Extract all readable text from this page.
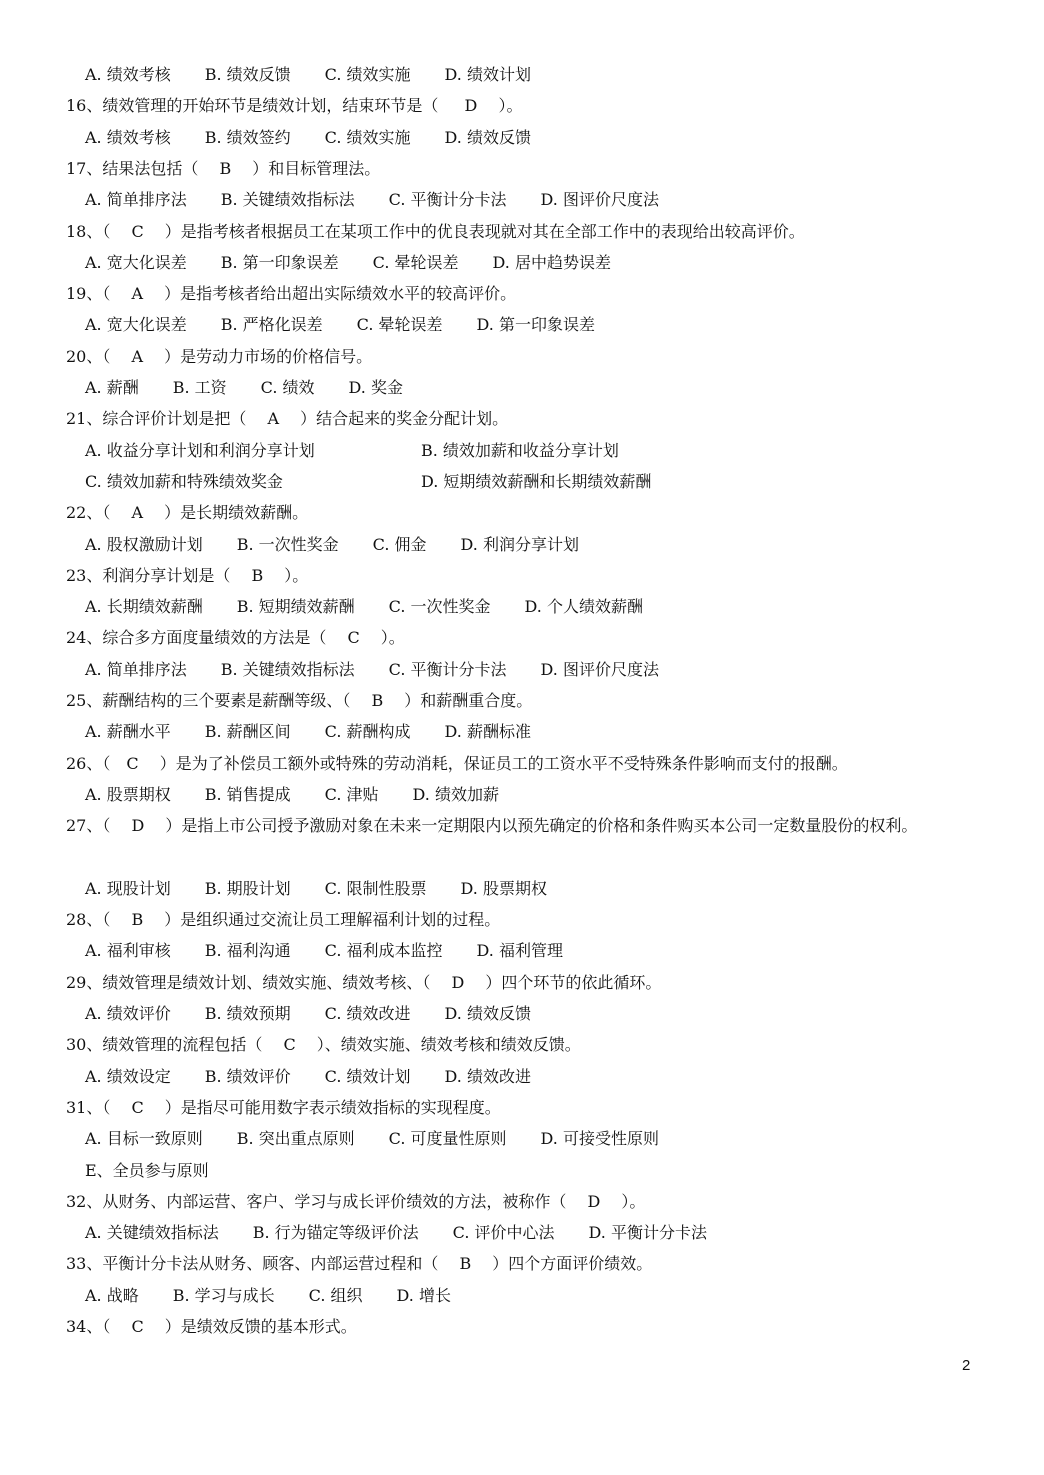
A. 绩效考核 B. 绩效反馈 C. 绩效实施 D. 绩效计划
16、绩效管理的开始环节是绩效计划，结束环节是（　  D　 ）。
A. 绩效考核 B. 绩效签约 C. 绩效实施 D. 绩效反馈
17、结果法包括（　 B　 ）和目标管理法。
A. 简单排序法 B. 关键绩效指标法 C. 平衡计分卡法 D. 图评价尺度法
18、（　 C　 ）是指考核者根据员工在某项工作中的优良表现就对其在全部工作中的表现给出较高评价。
A. 宽大化误差 B. 第一印象误差 C. 晕轮误差 D. 居中趋势误差
19、（　 A　 ）是指考核者给出超出实际绩效水平的较高评价。
A. 宽大化误差 B. 严格化误差 C. 晕轮误差 D. 第一印象误差
20、（　 A　 ）是劳动力市场的价格信号。
A. 薪酬 B. 工资 C. 绩效 D. 奖金
21、综合评价计划是把（　 A　 ）结合起来的奖金分配计划。
A. 收益分享计划和利润分享计划	B. 绩效加薪和收益分享计划
C. 绩效加薪和特殊绩效奖金	D. 短期绩效薪酬和长期绩效薪酬
22、（　 A　 ）是长期绩效薪酬。
A. 股权激励计划 B. 一次性奖金 C. 佣金 D. 利润分享计划
23、利润分享计划是（　 B　 ）。
A. 长期绩效薪酬 B. 短期绩效薪酬 C. 一次性奖金 D. 个人绩效薪酬
24、综合多方面度量绩效的方法是（　 C　 ）。
A. 简单排序法 B. 关键绩效指标法 C. 平衡计分卡法 D. 图评价尺度法
25、薪酬结构的三个要素是薪酬等级、（　 B　 ）和薪酬重合度。
A. 薪酬水平 B. 薪酬区间 C. 薪酬构成 D. 薪酬标准
26、（　C　 ）是为了补偿员工额外或特殊的劳动消耗，保证员工的工资水平不受特殊条件影响而支付的报酬。
A. 股票期权 B. 销售提成 C. 津贴 D. 绩效加薪
27、（　 D　 ）是指上市公司授予激励对象在未来一定期限内以预先确定的价格和条件购买本公司一定数量股份的权利。
A. 现股计划 B. 期股计划 C. 限制性股票 D. 股票期权
28、（　 B　 ）是组织通过交流让员工理解福利计划的过程。
A. 福利审核 B. 福利沟通 C. 福利成本监控 D. 福利管理
29、绩效管理是绩效计划、绩效实施、绩效考核、（　 D　 ）四个环节的依此循环。
A. 绩效评价 B. 绩效预期 C. 绩效改进 D. 绩效反馈
30、绩效管理的流程包括（　 C　 ）、绩效实施、绩效考核和绩效反馈。
A. 绩效设定 B. 绩效评价 C. 绩效计划 D. 绩效改进
31、（　 C　 ）是指尽可能用数字表示绩效指标的实现程度。
A. 目标一致原则 B. 突出重点原则 C. 可度量性原则 D. 可接受性原则
E、全员参与原则
32、从财务、内部运营、客户、学习与成长评价绩效的方法，被称作（　 D　 ）。
A. 关键绩效指标法 B. 行为锚定等级评价法 C. 评价中心法 D. 平衡计分卡法
33、平衡计分卡法从财务、顾客、内部运营过程和（　 B　 ）四个方面评价绩效。
A. 战略 B. 学习与成长 C. 组织 D. 增长
34、（　 C　 ）是绩效反馈的基本形式。
2
